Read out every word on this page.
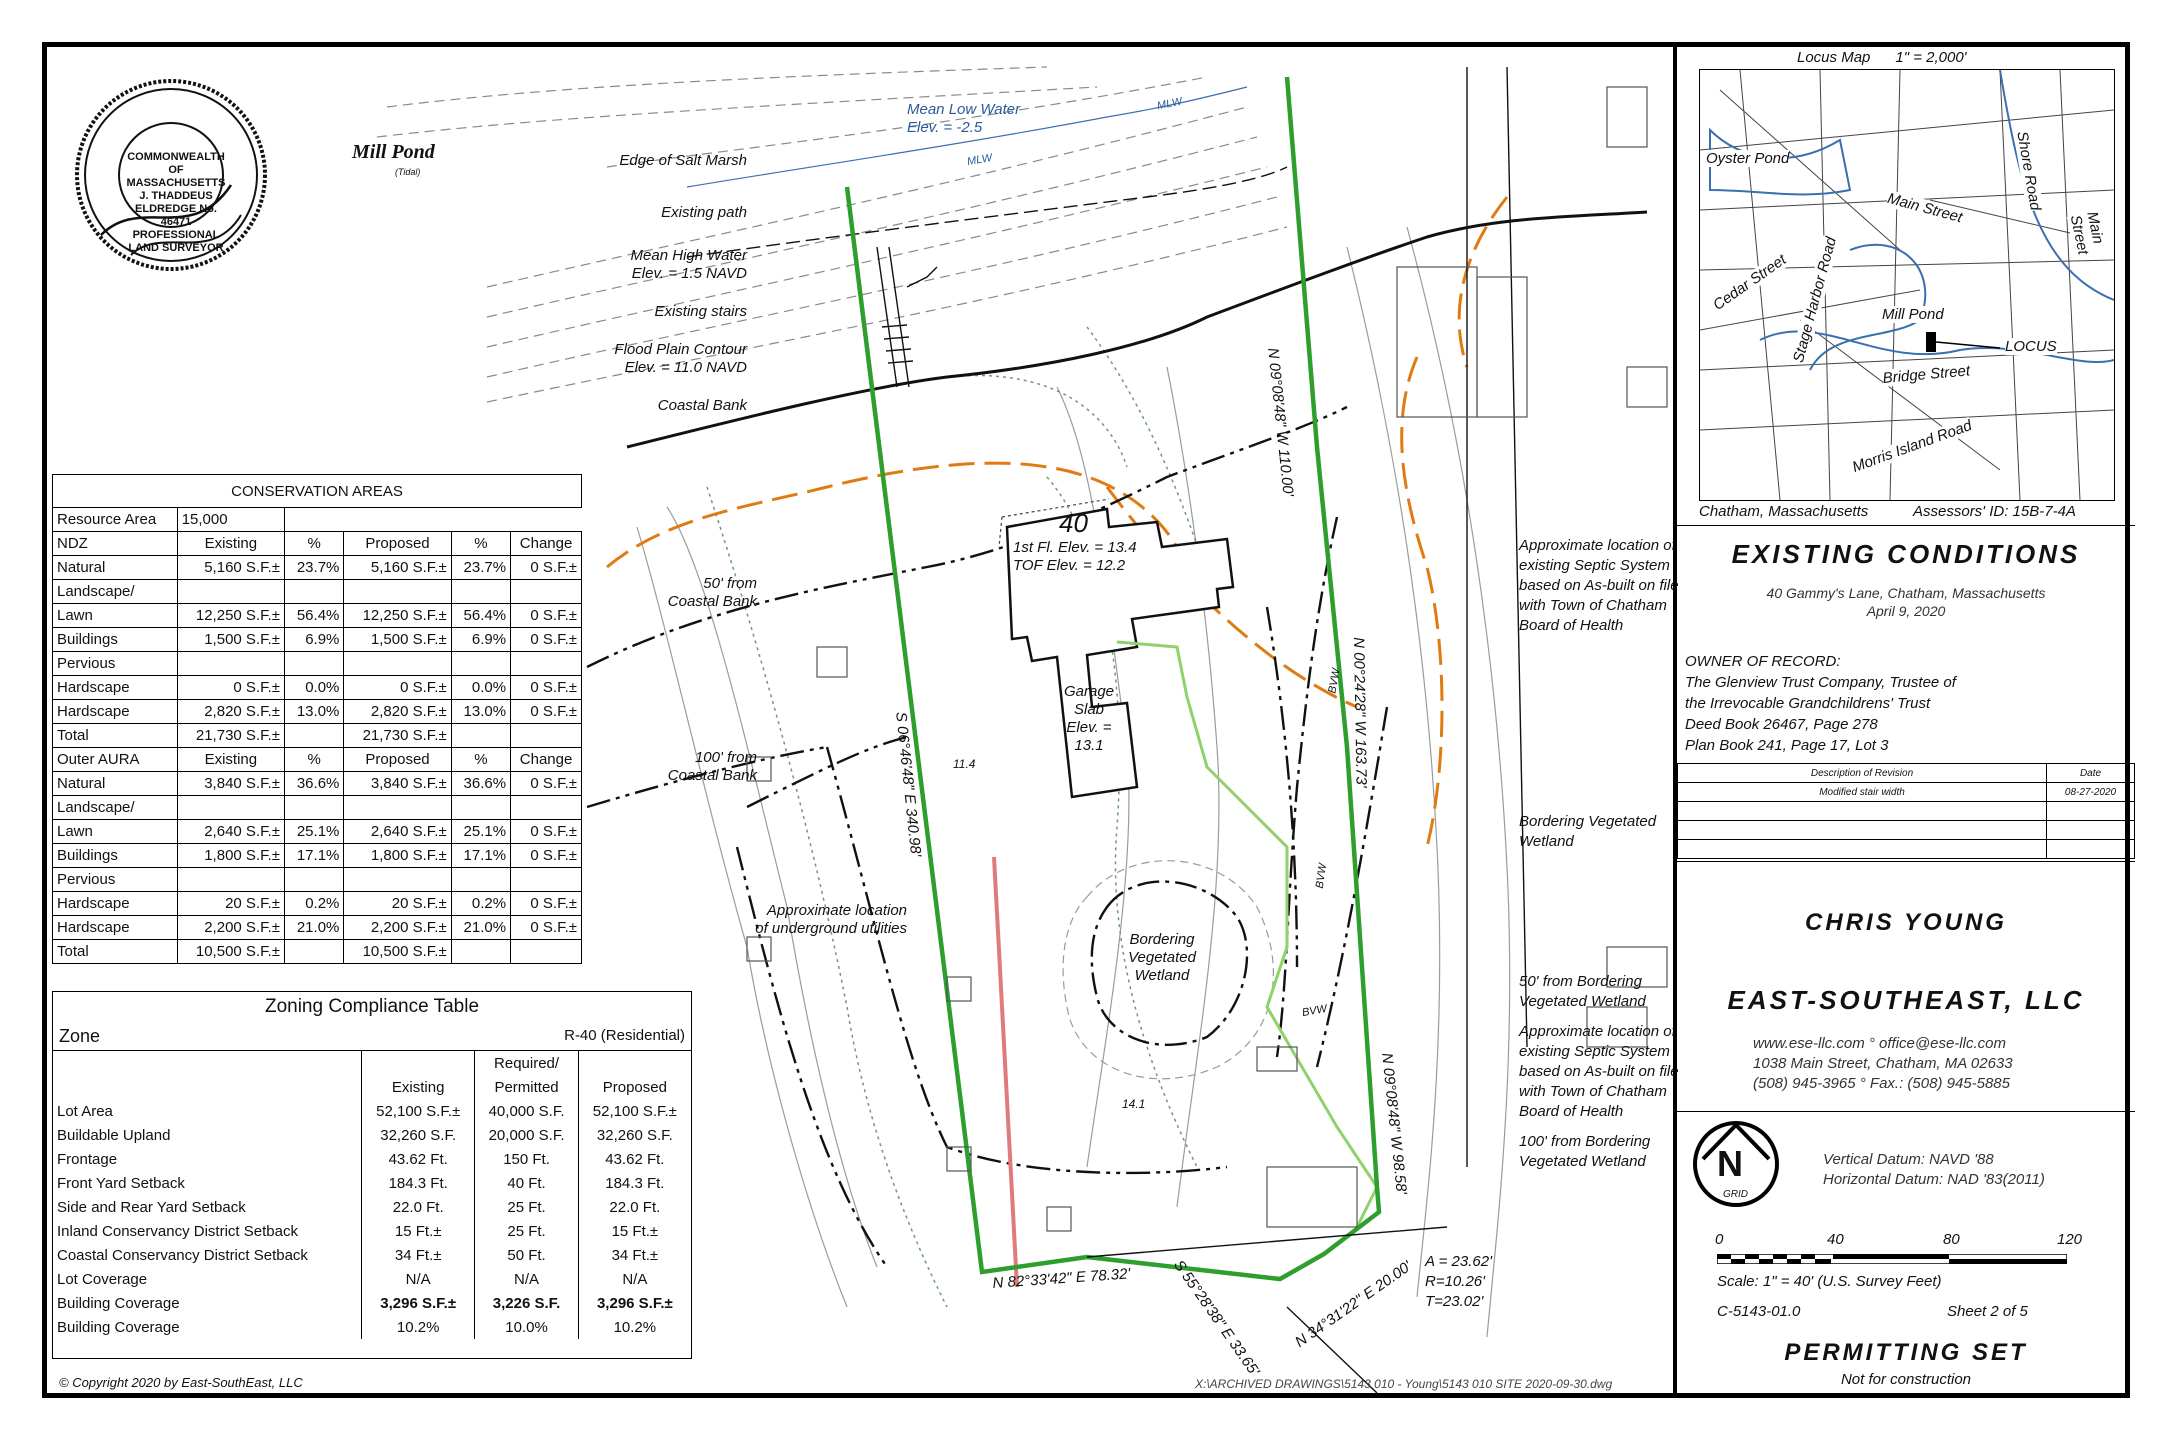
COMMONWEALTH OF MASSACHUSETTS J. THADDEUS ELDREDGE No. 46471 PROFESSIONAL LAND SURVEYOR
Mill Pond
(Tidal)
Mean Low Water
Elev. = -2.5
Edge of Salt Marsh
Existing path
Mean High Water
Elev. = 1.5 NAVD
Existing stairs
Flood Plain Contour
Elev. = 11.0 NAVD
Coastal Bank
50' from
Coastal Bank
100' from
Coastal Bank
Approximate location
of underground utilities
40
1st Fl. Elev. = 13.4
TOF Elev. = 12.2
Garage
Slab
Elev. =
13.1
Bordering
Vegetated
Wetland
Approximate location of
existing Septic System
based on As-built on file
with Town of Chatham
Board of Health
Bordering Vegetated
Wetland
50' from Bordering
Vegetated Wetland
Approximate location of
existing Septic System
based on As-built on file
with Town of Chatham
Board of Health
100' from Bordering
Vegetated Wetland
11.4
14.1
N 09°08'48" W 110.00'
N 00°24'28" W 163.73'
N 09°08'48" W 98.58'
S 06°46'48" E 340.98'
N 82°33'42" E 78.32'	S 55°28'38" E 33.65' N 34°31'22" E 20.00' A = 23.62'
R=10.26'
T=23.02'
MLW
MLW
BVW
BVW
BVW
CONSERVATION AREAS					
Resource Area	15,000				
NDZ	Existing	%	Proposed	%	Change
Natural	5,160 S.F.±	23.7%	5,160 S.F.±	23.7%	0 S.F.±
Landscape/					
Lawn	12,250 S.F.±	56.4%	12,250 S.F.±	56.4%	0 S.F.±
Buildings	1,500 S.F.±	6.9%	1,500 S.F.±	6.9%	0 S.F.±
Pervious					
Hardscape	0 S.F.±	0.0%	0 S.F.±	0.0%	0 S.F.±
Hardscape	2,820 S.F.±	13.0%	2,820 S.F.±	13.0%	0 S.F.±
Total	21,730 S.F.±		21,730 S.F.±		
Outer AURA	Existing	%	Proposed	%	Change
Natural	3,840 S.F.±	36.6%	3,840 S.F.±	36.6%	0 S.F.±
Landscape/					
Lawn	2,640 S.F.±	25.1%	2,640 S.F.±	25.1%	0 S.F.±
Buildings	1,800 S.F.±	17.1%	1,800 S.F.±	17.1%	0 S.F.±
Pervious					
Hardscape	20 S.F.±	0.2%	20 S.F.±	0.2%	0 S.F.±
Hardscape	2,200 S.F.±	21.0%	2,200 S.F.±	21.0%	0 S.F.±
Total	10,500 S.F.±		10,500 S.F.±		
Zoning Compliance Table
Zone	R-40 (Residential)
		Required/	
	Existing	Permitted	Proposed
Lot Area	52,100 S.F.±	40,000 S.F.	52,100 S.F.±
Buildable Upland	32,260 S.F.	20,000 S.F.	32,260 S.F.
Frontage	43.62 Ft.	150 Ft.	43.62 Ft.
Front Yard Setback	184.3 Ft.	40 Ft.	184.3 Ft.
Side and Rear Yard Setback	22.0 Ft.	25 Ft.	22.0 Ft.
Inland Conservancy District Setback	15 Ft.±	25 Ft.	15 Ft.±
Coastal Conservancy District Setback	34 Ft.±	50 Ft.	34 Ft.±
Lot Coverage	N/A	N/A	N/A
Building Coverage	3,296 S.F.±	3,226 S.F.	3,296 S.F.±
Building Coverage	10.2%	10.0%	10.2%
© Copyright 2020 by East-SouthEast, LLC	X:\ARCHIVED DRAWINGS\5143 010 - Young\5143 010 SITE 2020-09-30.dwg
Locus Map      1" = 2,000'
Oyster Pond	Shore Road
Main Street
Cedar Street Stage Harbor Road	Mill Pond
Main Street
LOCUS
Bridge Street
Morris Island Road
Chatham, Massachusetts	Assessors' ID: 15B-7-4A
EXISTING CONDITIONS
40 Gammy's Lane, Chatham, Massachusetts
April 9, 2020
OWNER OF RECORD:
The Glenview Trust Company, Trustee of
the Irrevocable Grandchildrens' Trust
Deed Book 26467, Page 278
Plan Book 241, Page 17, Lot 3
Description of Revision	Date
Modified stair width	08-27-2020

CHRIS YOUNG
EAST-SOUTHEAST, LLC
www.ese-llc.com ° office@ese-llc.com
1038 Main Street, Chatham, MA 02633
(508) 945-3965 ° Fax.: (508) 945-5885
N
GRID
Vertical Datum: NAVD '88
Horizontal Datum: NAD '83(2011)
0	40	80	120
Scale: 1" = 40' (U.S. Survey Feet)
C-5143-01.0	Sheet 2 of 5
PERMITTING SET
Not for construction
